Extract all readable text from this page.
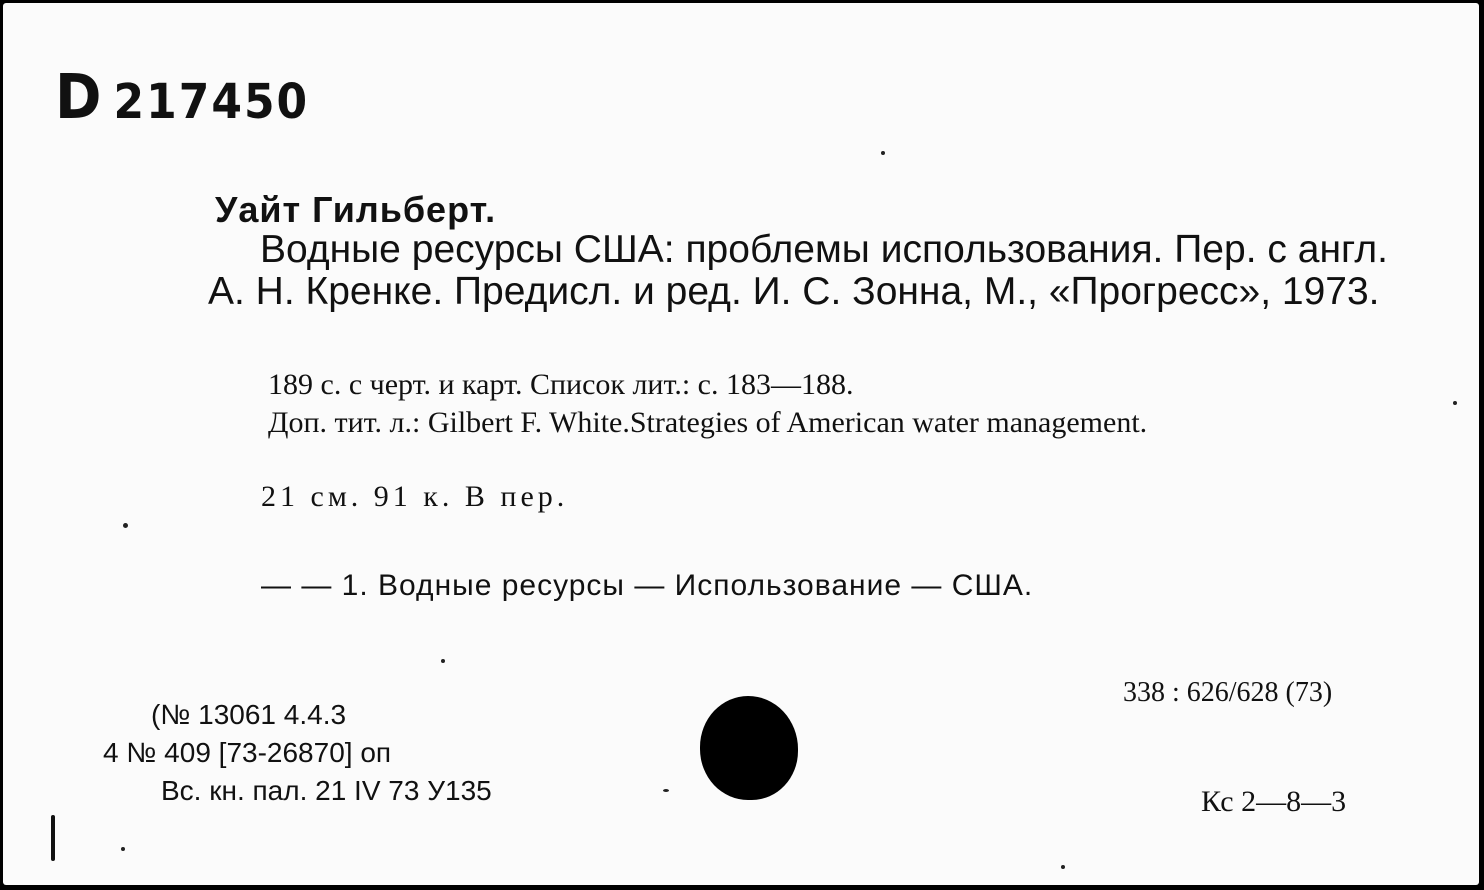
D 217450
Уайт Гильберт.
Водные ресурсы США: проблемы использования. Пер. с англ. А. Н. Кренке. Предисл. и ред. И. С. Зонна, М., «Прогресс», 1973.
189 с. с черт. и карт. Список лит.: с. 183—188.
Доп. тит. л.: Gilbert F. White.Strategies of American water management.
21 см. 91 к. В пер.
— — 1. Водные ресурсы — Использование — США.
338 : 626/628 (73)
Кс 2—8—3
(№ 13061 4.4.3
4 № 409 [73-26870] оп
Вс. кн. пал. 21 IV 73 У135
